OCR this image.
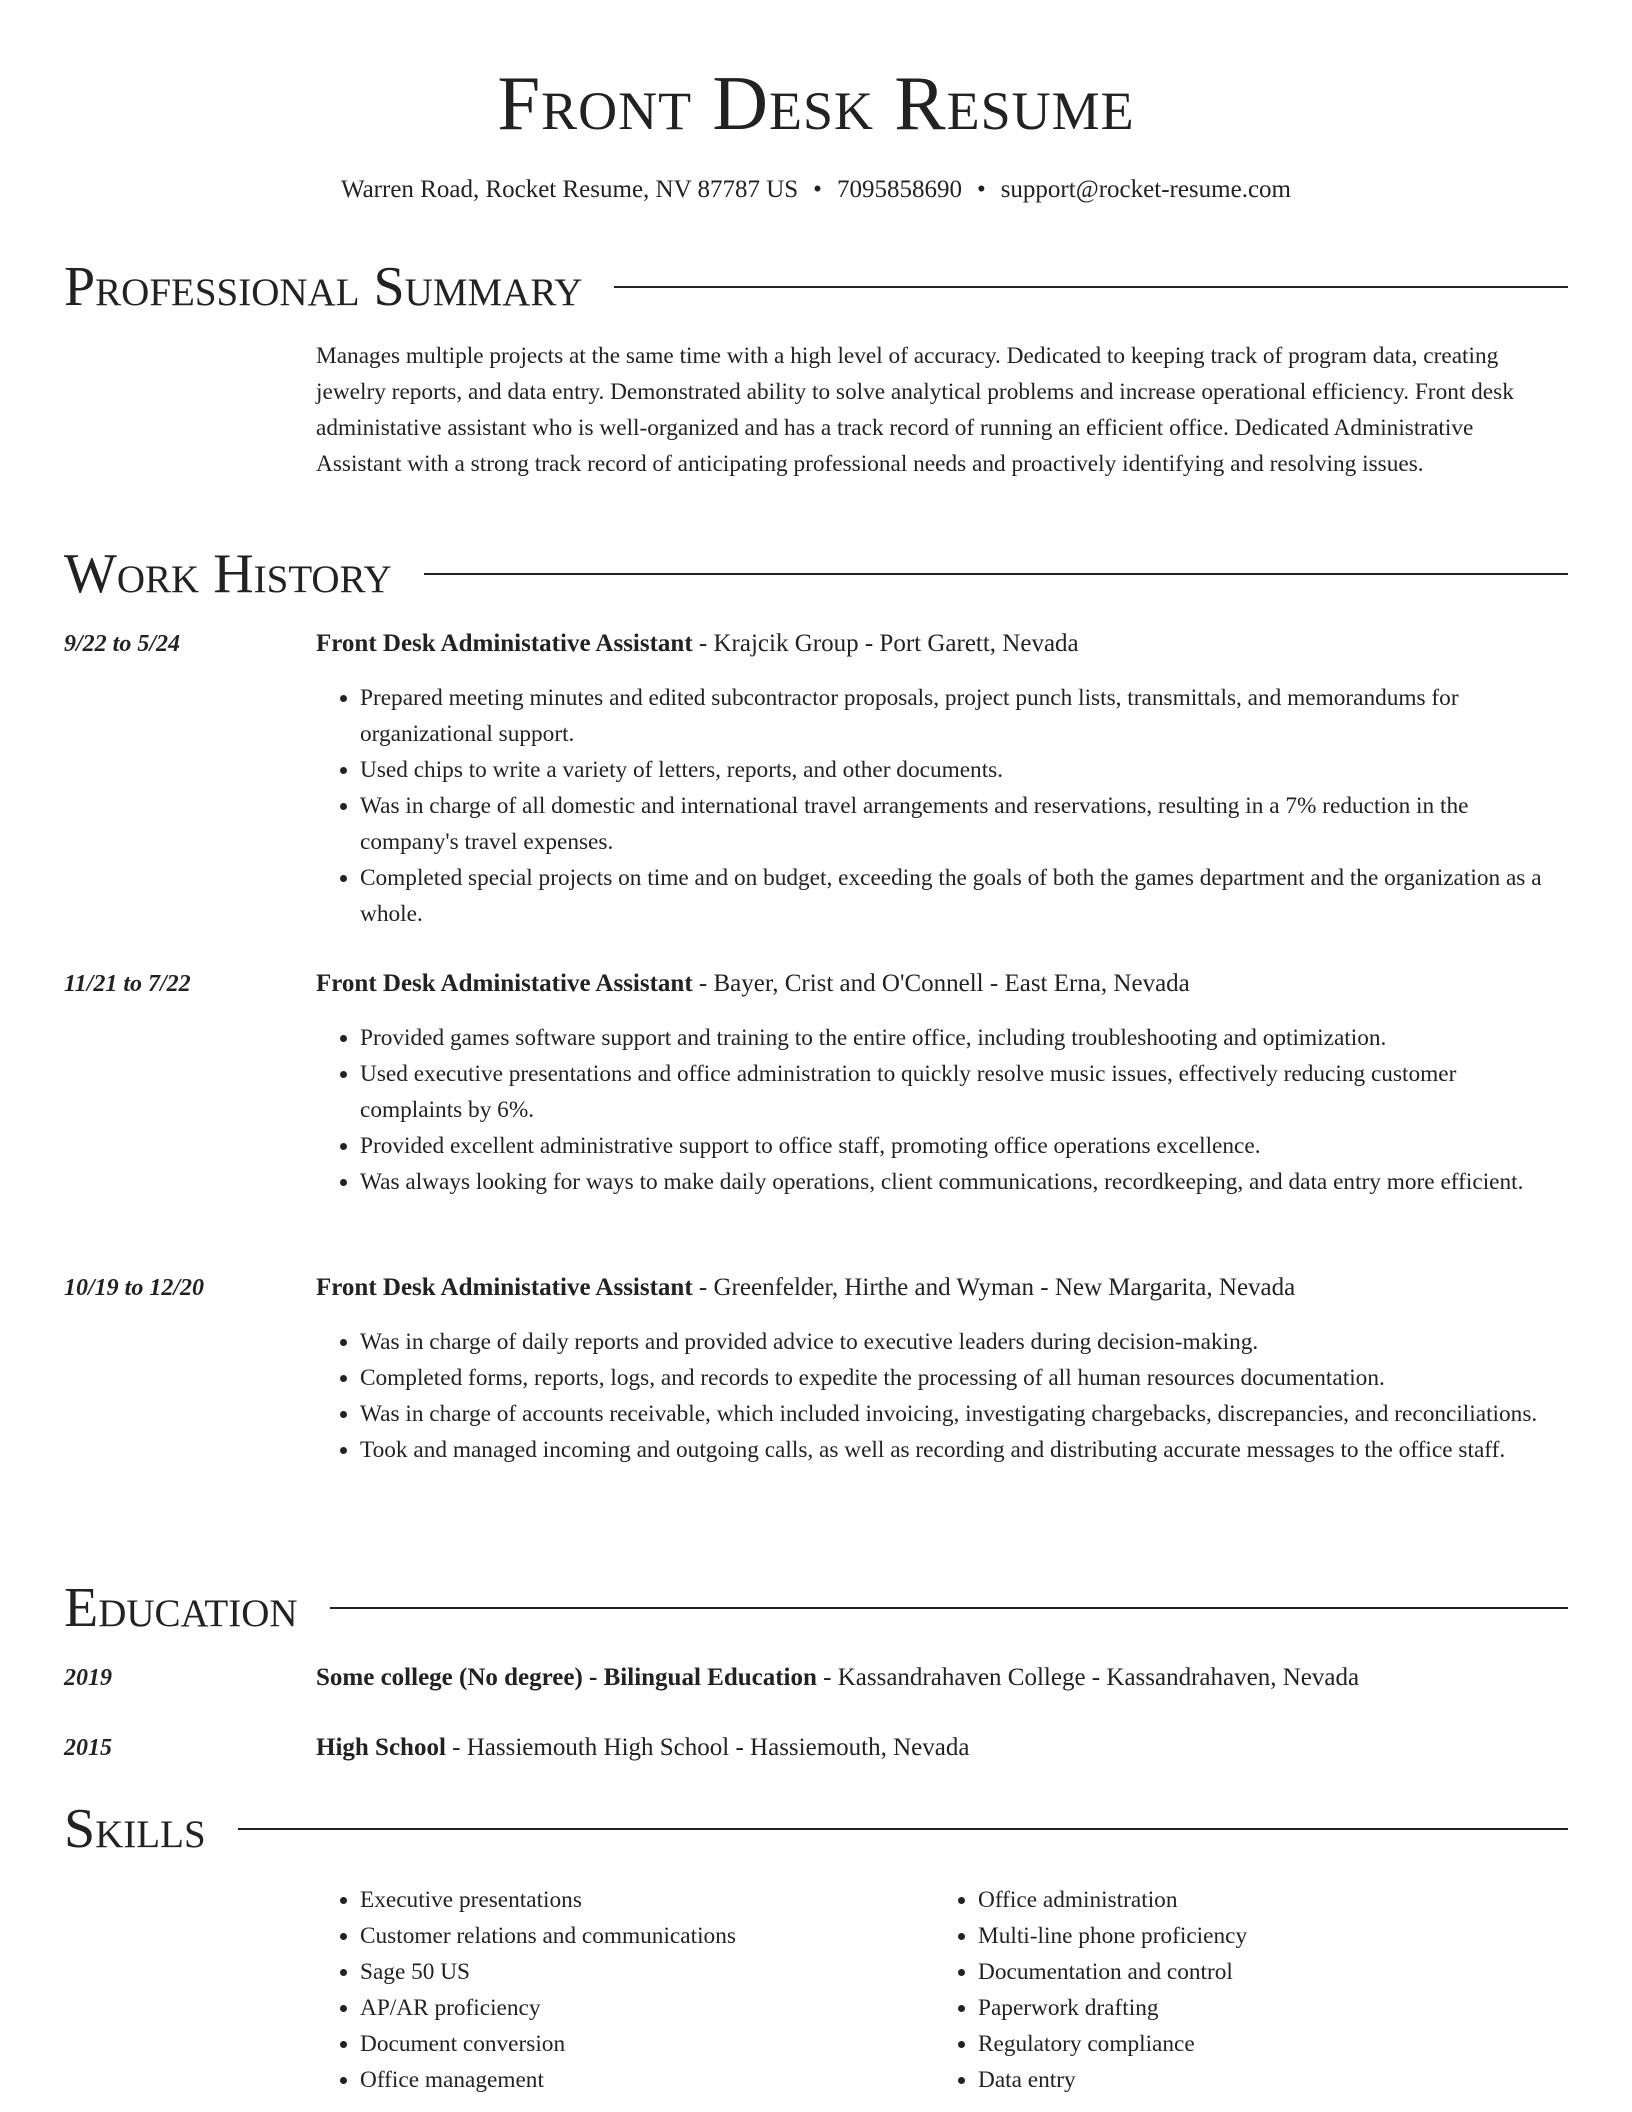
Front Desk Resume
Warren Road, Rocket Resume, NV 87787 US • 7095858690 • support@rocket-resume.com
Professional Summary

Manages multiple projects at the same time with a high level of accuracy. Dedicated to keeping track of program data, creating jewelry reports, and data entry. Demonstrated ability to solve analytical problems and increase operational efficiency. Front desk administative assistant who is well-organized and has a track record of running an efficient office. Dedicated Administrative Assistant with a strong track record of anticipating professional needs and proactively identifying and resolving issues.

Work History
9/22 to 5/24	Front Desk Administative Assistant - Krajcik Group - Port Garett, Nevada
• Prepared meeting minutes and edited subcontractor proposals, project punch lists, transmittals, and memorandums for organizational support.
• Used chips to write a variety of letters, reports, and other documents.
• Was in charge of all domestic and international travel arrangements and reservations, resulting in a 7% reduction in the company's travel expenses.
• Completed special projects on time and on budget, exceeding the goals of both the games department and the organization as a whole.
11/21 to 7/22	Front Desk Administative Assistant - Bayer, Crist and O'Connell - East Erna, Nevada
• Provided games software support and training to the entire office, including troubleshooting and optimization.
• Used executive presentations and office administration to quickly resolve music issues, effectively reducing customer complaints by 6%.
• Provided excellent administrative support to office staff, promoting office operations excellence.
• Was always looking for ways to make daily operations, client communications, recordkeeping, and data entry more efficient.
10/19 to 12/20	Front Desk Administative Assistant - Greenfelder, Hirthe and Wyman - New Margarita, Nevada
• Was in charge of daily reports and provided advice to executive leaders during decision-making.
• Completed forms, reports, logs, and records to expedite the processing of all human resources documentation.
• Was in charge of accounts receivable, which included invoicing, investigating chargebacks, discrepancies, and reconciliations.
• Took and managed incoming and outgoing calls, as well as recording and distributing accurate messages to the office staff.
Education
2019	Some college (No degree) - Bilingual Education - Kassandrahaven College - Kassandrahaven, Nevada
2015	High School - Hassiemouth High School - Hassiemouth, Nevada
Skills
• Executive presentations
• Customer relations and communications
• Sage 50 US
• AP/AR proficiency
• Document conversion
• Office management
• Office administration
• Multi-line phone proficiency
• Documentation and control
• Paperwork drafting
• Regulatory compliance
• Data entry
